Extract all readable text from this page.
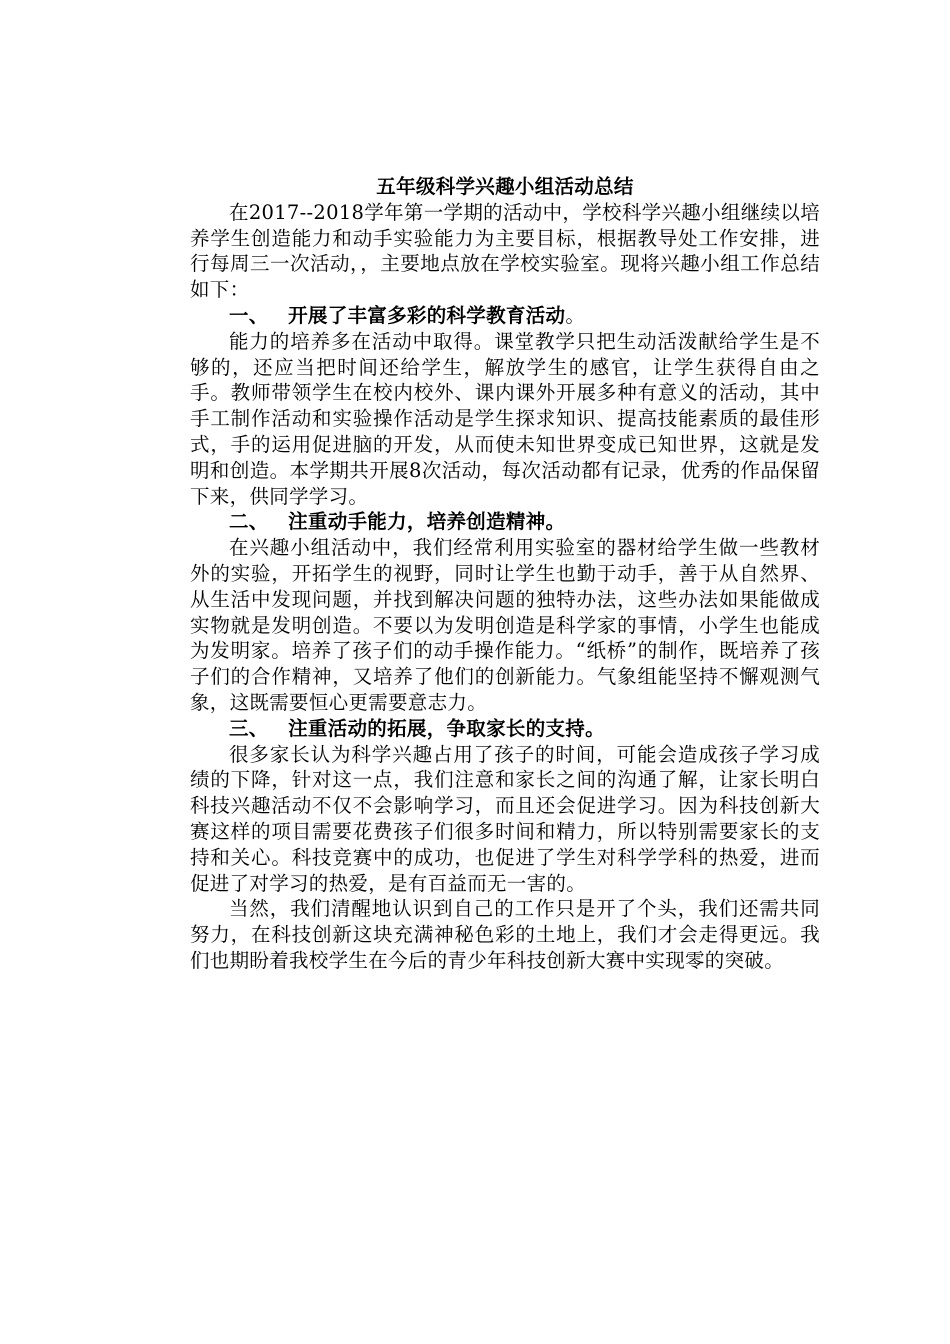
五年级科学兴趣小组活动总结

在2017--2018学年第一学期的活动中，学校科学兴趣小组继续以培养学生创造能力和动手实验能力为主要目标，根据教导处工作安排，进行每周三一次活动，，主要地点放在学校实验室。现将兴趣小组工作总结如下：

一、 开展了丰富多彩的科学教育活动。

能力的培养多在活动中取得。课堂教学只把生动活泼献给学生是不够的，还应当把时间还给学生，解放学生的感官，让学生获得自由之手。教师带领学生在校内校外、课内课外开展多种有意义的活动，其中手工制作活动和实验操作活动是学生探求知识、提高技能素质的最佳形式，手的运用促进脑的开发，从而使未知世界变成已知世界，这就是发明和创造。本学期共开展8次活动，每次活动都有记录，优秀的作品保留下来，供同学学习。

二、 注重动手能力，培养创造精神。

在兴趣小组活动中，我们经常利用实验室的器材给学生做一些教材外的实验，开拓学生的视野，同时让学生也勤于动手，善于从自然界、从生活中发现问题，并找到解决问题的独特办法，这些办法如果能做成实物就是发明创造。不要以为发明创造是科学家的事情，小学生也能成为发明家。培养了孩子们的动手操作能力。“纸桥”的制作，既培养了孩子们的合作精神，又培养了他们的创新能力。气象组能坚持不懈观测气象，这既需要恒心更需要意志力。

三、 注重活动的拓展，争取家长的支持。

很多家长认为科学兴趣占用了孩子的时间，可能会造成孩子学习成绩的下降，针对这一点，我们注意和家长之间的沟通了解，让家长明白科技兴趣活动不仅不会影响学习，而且还会促进学习。因为科技创新大赛这样的项目需要花费孩子们很多时间和精力，所以特别需要家长的支持和关心。科技竞赛中的成功，也促进了学生对科学学科的热爱，进而促进了对学习的热爱，是有百益而无一害的。

当然，我们清醒地认识到自己的工作只是开了个头，我们还需共同努力，在科技创新这块充满神秘色彩的土地上，我们才会走得更远。我们也期盼着我校学生在今后的青少年科技创新大赛中实现零的突破。
